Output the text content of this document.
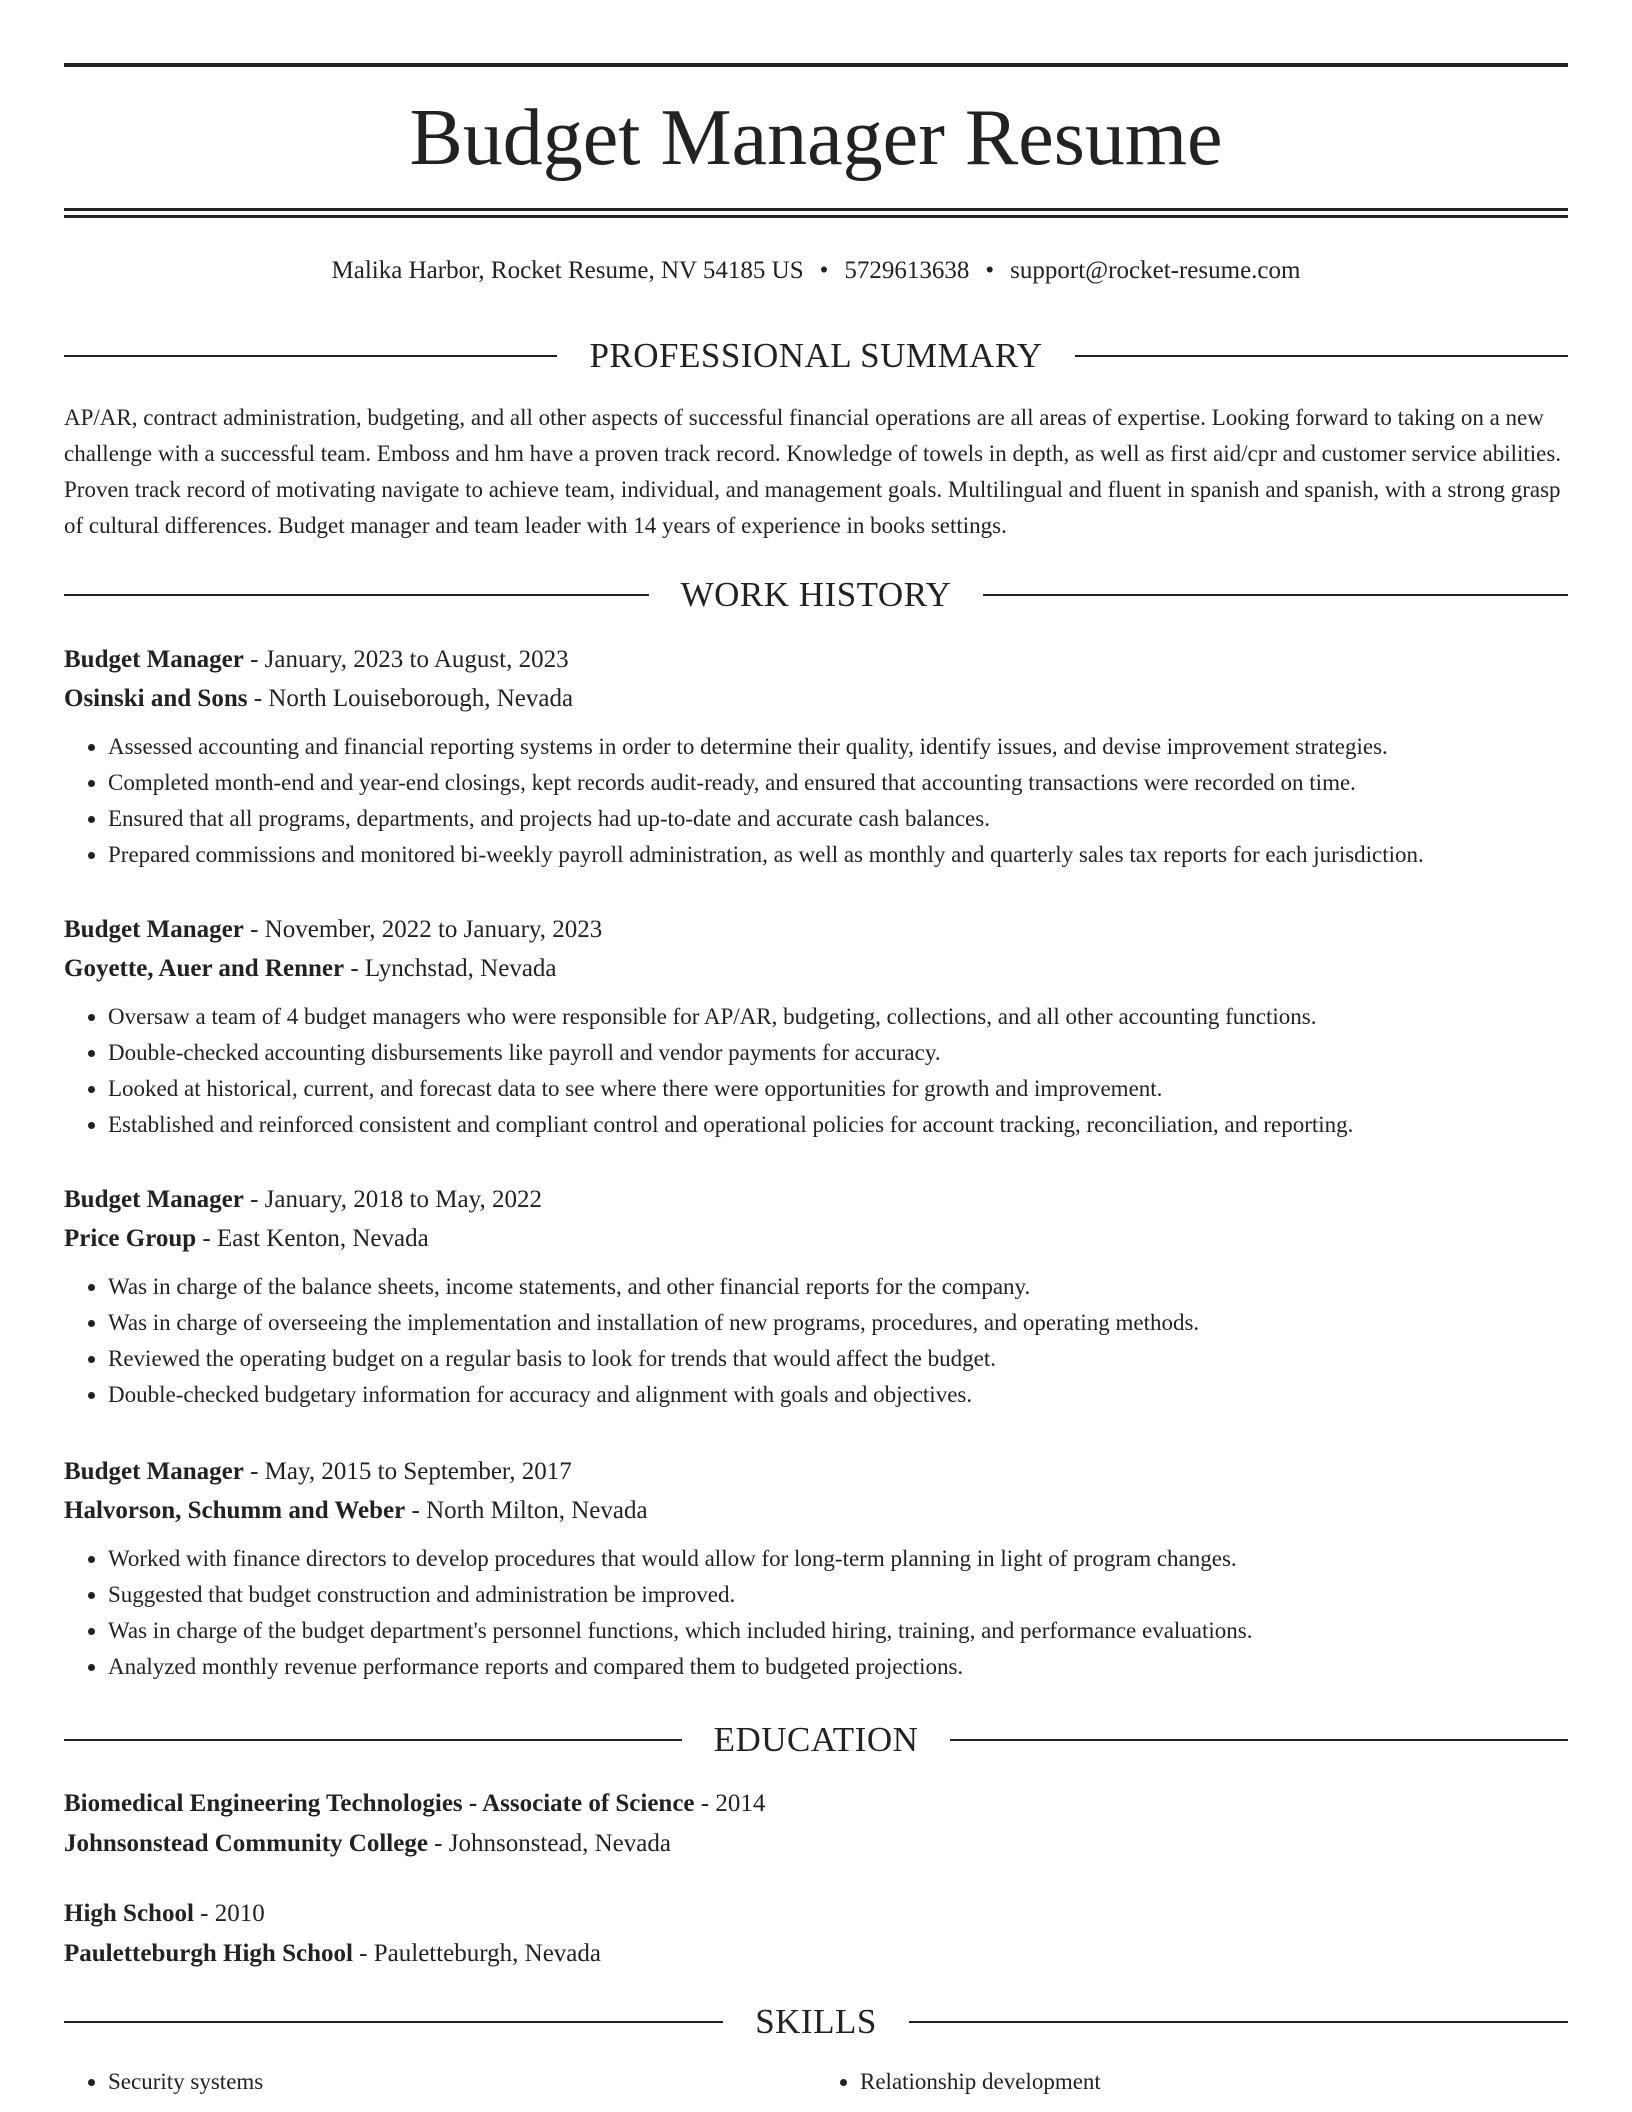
Budget Manager Resume
Malika Harbor, Rocket Resume, NV 54185 US • 5729613638 • support@rocket-resume.com
PROFESSIONAL SUMMARY

AP/AR, contract administration, budgeting, and all other aspects of successful financial operations are all areas of expertise. Looking forward to taking on a new challenge with a successful team. Emboss and hm have a proven track record. Knowledge of towels in depth, as well as first aid/cpr and customer service abilities. Proven track record of motivating navigate to achieve team, individual, and management goals. Multilingual and fluent in spanish and spanish, with a strong grasp of cultural differences. Budget manager and team leader with 14 years of experience in books settings.

WORK HISTORY
Budget Manager - January, 2023 to August, 2023
Osinski and Sons - North Louiseborough, Nevada
• Assessed accounting and financial reporting systems in order to determine their quality, identify issues, and devise improvement strategies.
• Completed month-end and year-end closings, kept records audit-ready, and ensured that accounting transactions were recorded on time.
• Ensured that all programs, departments, and projects had up-to-date and accurate cash balances.
• Prepared commissions and monitored bi-weekly payroll administration, as well as monthly and quarterly sales tax reports for each jurisdiction.
Budget Manager - November, 2022 to January, 2023
Goyette, Auer and Renner - Lynchstad, Nevada
• Oversaw a team of 4 budget managers who were responsible for AP/AR, budgeting, collections, and all other accounting functions.
• Double-checked accounting disbursements like payroll and vendor payments for accuracy.
• Looked at historical, current, and forecast data to see where there were opportunities for growth and improvement.
• Established and reinforced consistent and compliant control and operational policies for account tracking, reconciliation, and reporting.
Budget Manager - January, 2018 to May, 2022
Price Group - East Kenton, Nevada
• Was in charge of the balance sheets, income statements, and other financial reports for the company.
• Was in charge of overseeing the implementation and installation of new programs, procedures, and operating methods.
• Reviewed the operating budget on a regular basis to look for trends that would affect the budget.
• Double-checked budgetary information for accuracy and alignment with goals and objectives.
Budget Manager - May, 2015 to September, 2017
Halvorson, Schumm and Weber - North Milton, Nevada
• Worked with finance directors to develop procedures that would allow for long-term planning in light of program changes.
• Suggested that budget construction and administration be improved.
• Was in charge of the budget department's personnel functions, which included hiring, training, and performance evaluations.
• Analyzed monthly revenue performance reports and compared them to budgeted projections.
EDUCATION
Biomedical Engineering Technologies - Associate of Science - 2014
Johnsonstead Community College - Johnsonstead, Nevada
High School - 2010
Pauletteburgh High School - Pauletteburgh, Nevada
SKILLS
• Security systems
•	Relationship development
